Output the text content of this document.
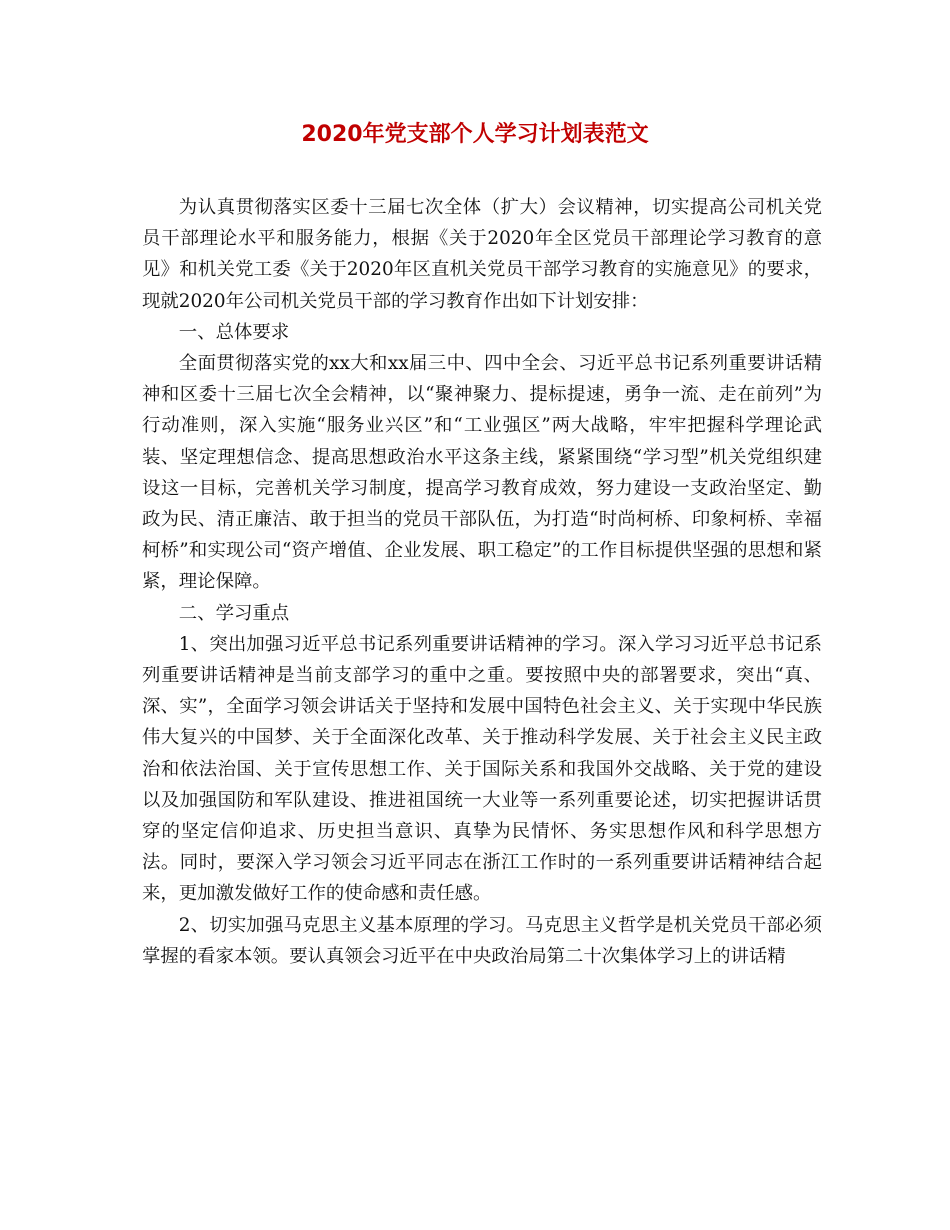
2020年党支部个人学习计划表范文

为认真贯彻落实区委十三届七次全体（扩大）会议精神，切实提高公司机关党员干部理论水平和服务能力，根据《关于2020年全区党员干部理论学习教育的意见》和机关党工委《关于2020年区直机关党员干部学习教育的实施意见》的要求，现就2020年公司机关党员干部的学习教育作出如下计划安排：

一、总体要求

全面贯彻落实党的xx大和xx届三中、四中全会、习近平总书记系列重要讲话精神和区委十三届七次全会精神，以“聚神聚力、提标提速，勇争一流、走在前列”为行动准则，深入实施“服务业兴区”和“工业强区”两大战略，牢牢把握科学理论武装、坚定理想信念、提高思想政治水平这条主线，紧紧围绕“学习型”机关党组织建设这一目标，完善机关学习制度，提高学习教育成效，努力建设一支政治坚定、勤政为民、清正廉洁、敢于担当的党员干部队伍，为打造“时尚柯桥、印象柯桥、幸福柯桥”和实现公司“资产增值、企业发展、职工稳定”的工作目标提供坚强的思想和紧紧，理论保障。

二、学习重点

1、突出加强习近平总书记系列重要讲话精神的学习。深入学习习近平总书记系列重要讲话精神是当前支部学习的重中之重。要按照中央的部署要求，突出“真、深、实”，全面学习领会讲话关于坚持和发展中国特色社会主义、关于实现中华民族伟大复兴的中国梦、关于全面深化改革、关于推动科学发展、关于社会主义民主政治和依法治国、关于宣传思想工作、关于国际关系和我国外交战略、关于党的建设以及加强国防和军队建设、推进祖国统一大业等一系列重要论述，切实把握讲话贯穿的坚定信仰追求、历史担当意识、真挚为民情怀、务实思想作风和科学思想方法。同时，要深入学习领会习近平同志在浙江工作时的一系列重要讲话精神结合起来，更加激发做好工作的使命感和责任感。

2、切实加强马克思主义基本原理的学习。马克思主义哲学是机关党员干部必须掌握的看家本领。要认真领会习近平在中央政治局第二十次集体学习上的讲话精
